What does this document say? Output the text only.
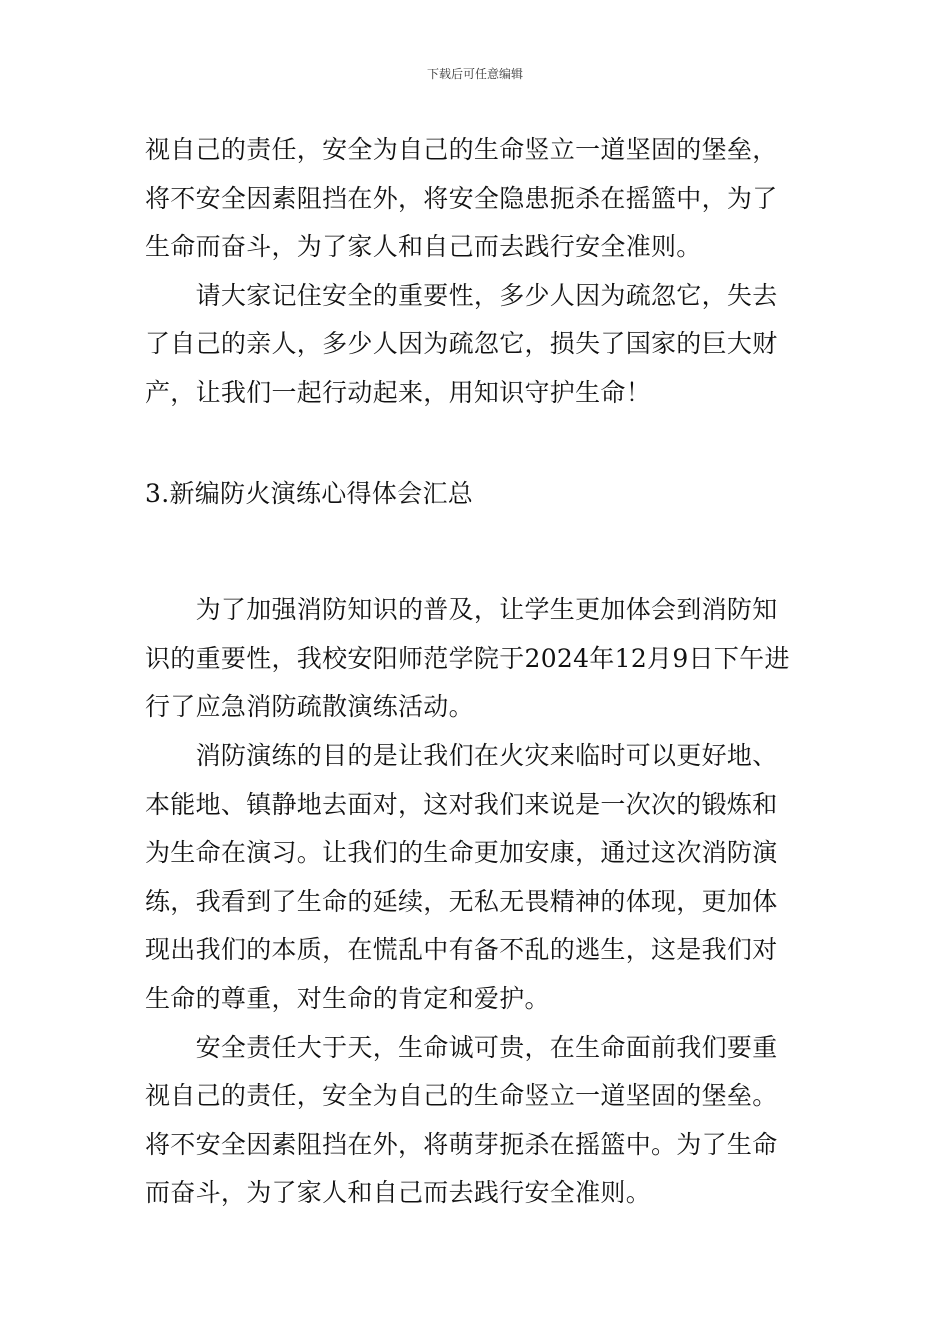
下载后可任意编辑
视自己的责任，安全为自己的生命竖立一道坚固的堡垒，
将不安全因素阻挡在外，将安全隐患扼杀在摇篮中，为了
生命而奋斗，为了家人和自己而去践行安全准则。
　　请大家记住安全的重要性，多少人因为疏忽它，失去
了自己的亲人，多少人因为疏忽它，损失了国家的巨大财
产，让我们一起行动起来，用知识守护生命！
3.新编防火演练心得体会汇总
　　为了加强消防知识的普及，让学生更加体会到消防知
识的重要性，我校安阳师范学院于2024年12月9日下午进
行了应急消防疏散演练活动。
　　消防演练的目的是让我们在火灾来临时可以更好地、
本能地、镇静地去面对，这对我们来说是一次次的锻炼和
为生命在演习。让我们的生命更加安康，通过这次消防演
练，我看到了生命的延续，无私无畏精神的体现，更加体
现出我们的本质，在慌乱中有备不乱的逃生，这是我们对
生命的尊重，对生命的肯定和爱护。
　　安全责任大于天，生命诚可贵，在生命面前我们要重
视自己的责任，安全为自己的生命竖立一道坚固的堡垒。
将不安全因素阻挡在外，将萌芽扼杀在摇篮中。为了生命
而奋斗，为了家人和自己而去践行安全准则。
